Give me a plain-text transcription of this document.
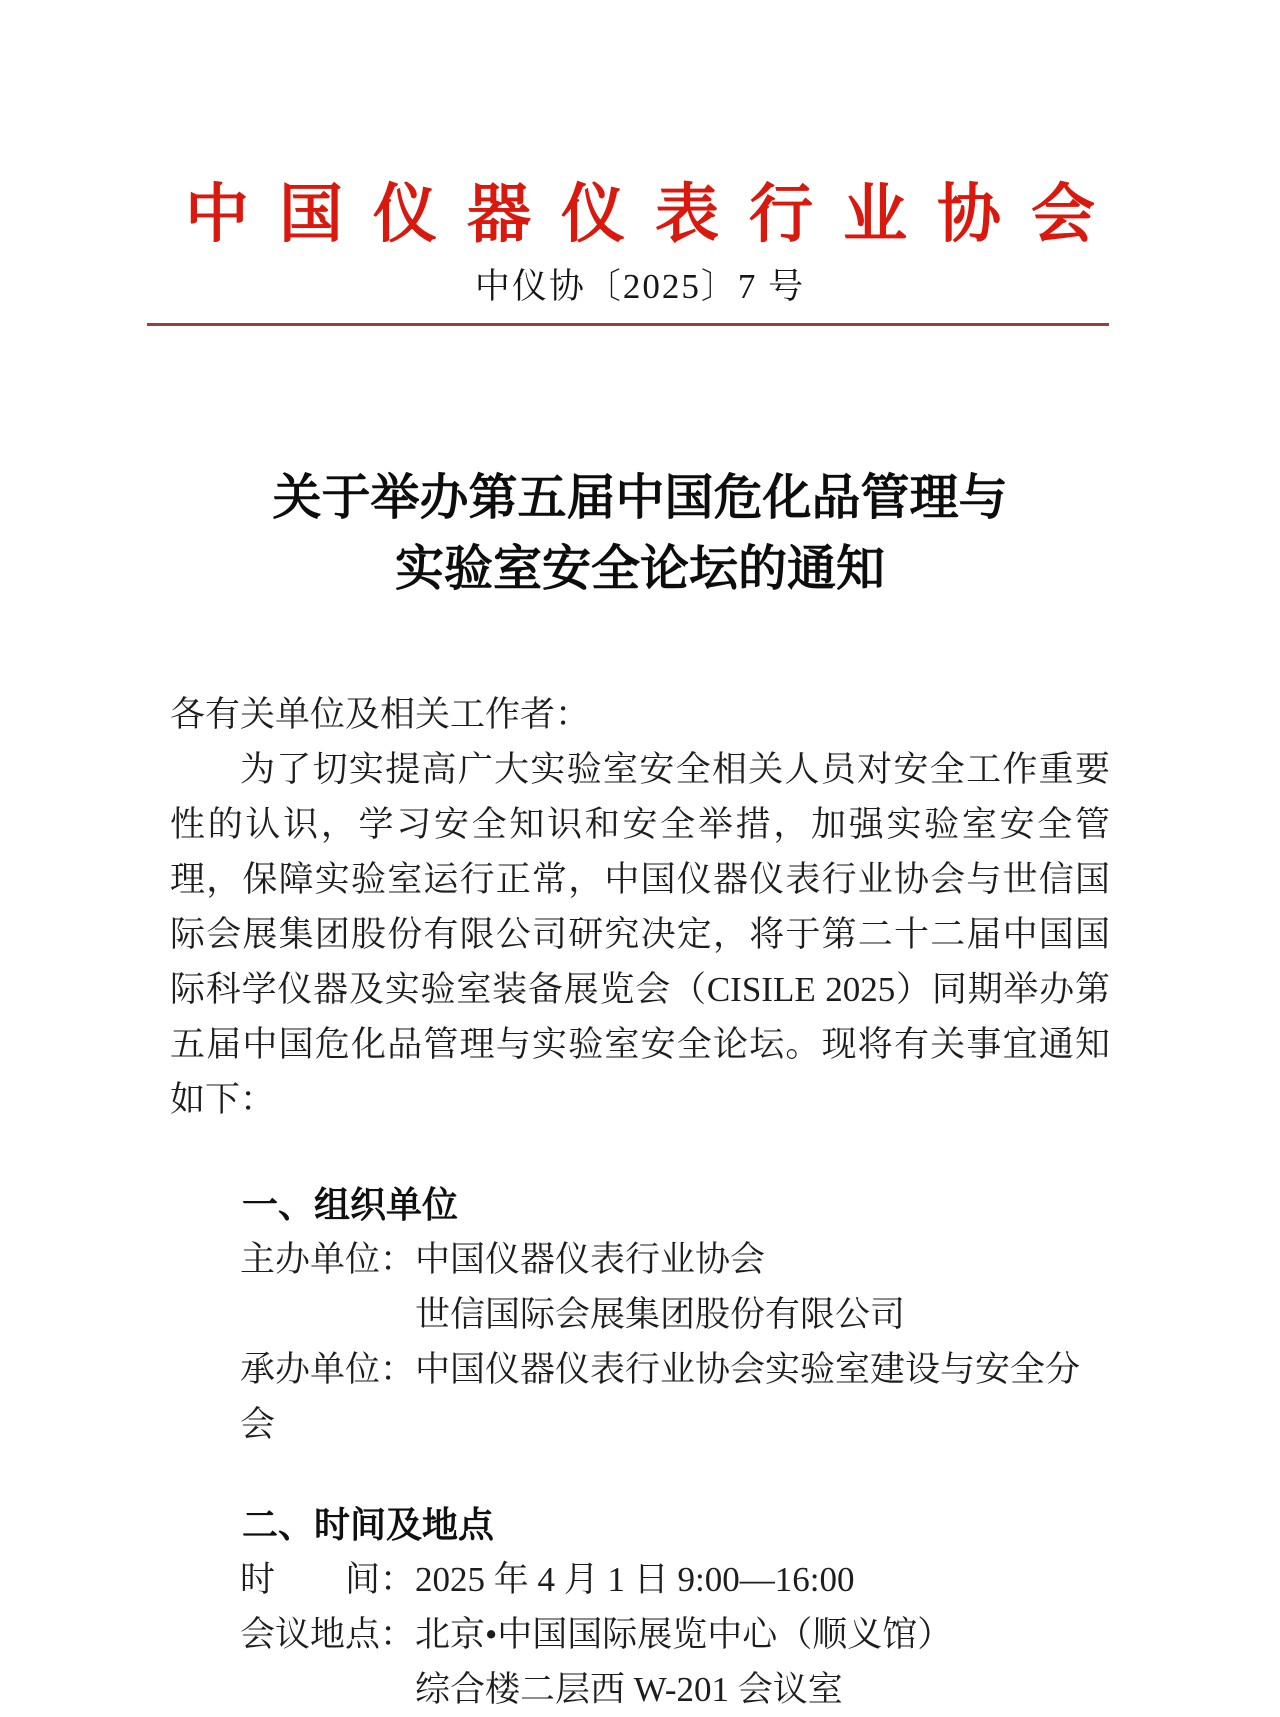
中国仪器仪表行业协会
中仪协〔2025〕7 号
关于举办第五届中国危化品管理与
实验室安全论坛的通知
各有关单位及相关工作者：
为了切实提高广大实验室安全相关人员对安全工作重要性的认识，学习安全知识和安全举措，加强实验室安全管理，保障实验室运行正常，中国仪器仪表行业协会与世信国际会展集团股份有限公司研究决定，将于第二十二届中国国际科学仪器及实验室装备展览会（CISILE 2025）同期举办第五届中国危化品管理与实验室安全论坛。现将有关事宜通知如下：
一、组织单位
主办单位：中国仪器仪表行业协会
世信国际会展集团股份有限公司
承办单位：中国仪器仪表行业协会实验室建设与安全分会
二、时间及地点
时　　间：2025 年 4 月 1 日 9:00—16:00
会议地点：北京•中国国际展览中心（顺义馆）
综合楼二层西 W-201 会议室
